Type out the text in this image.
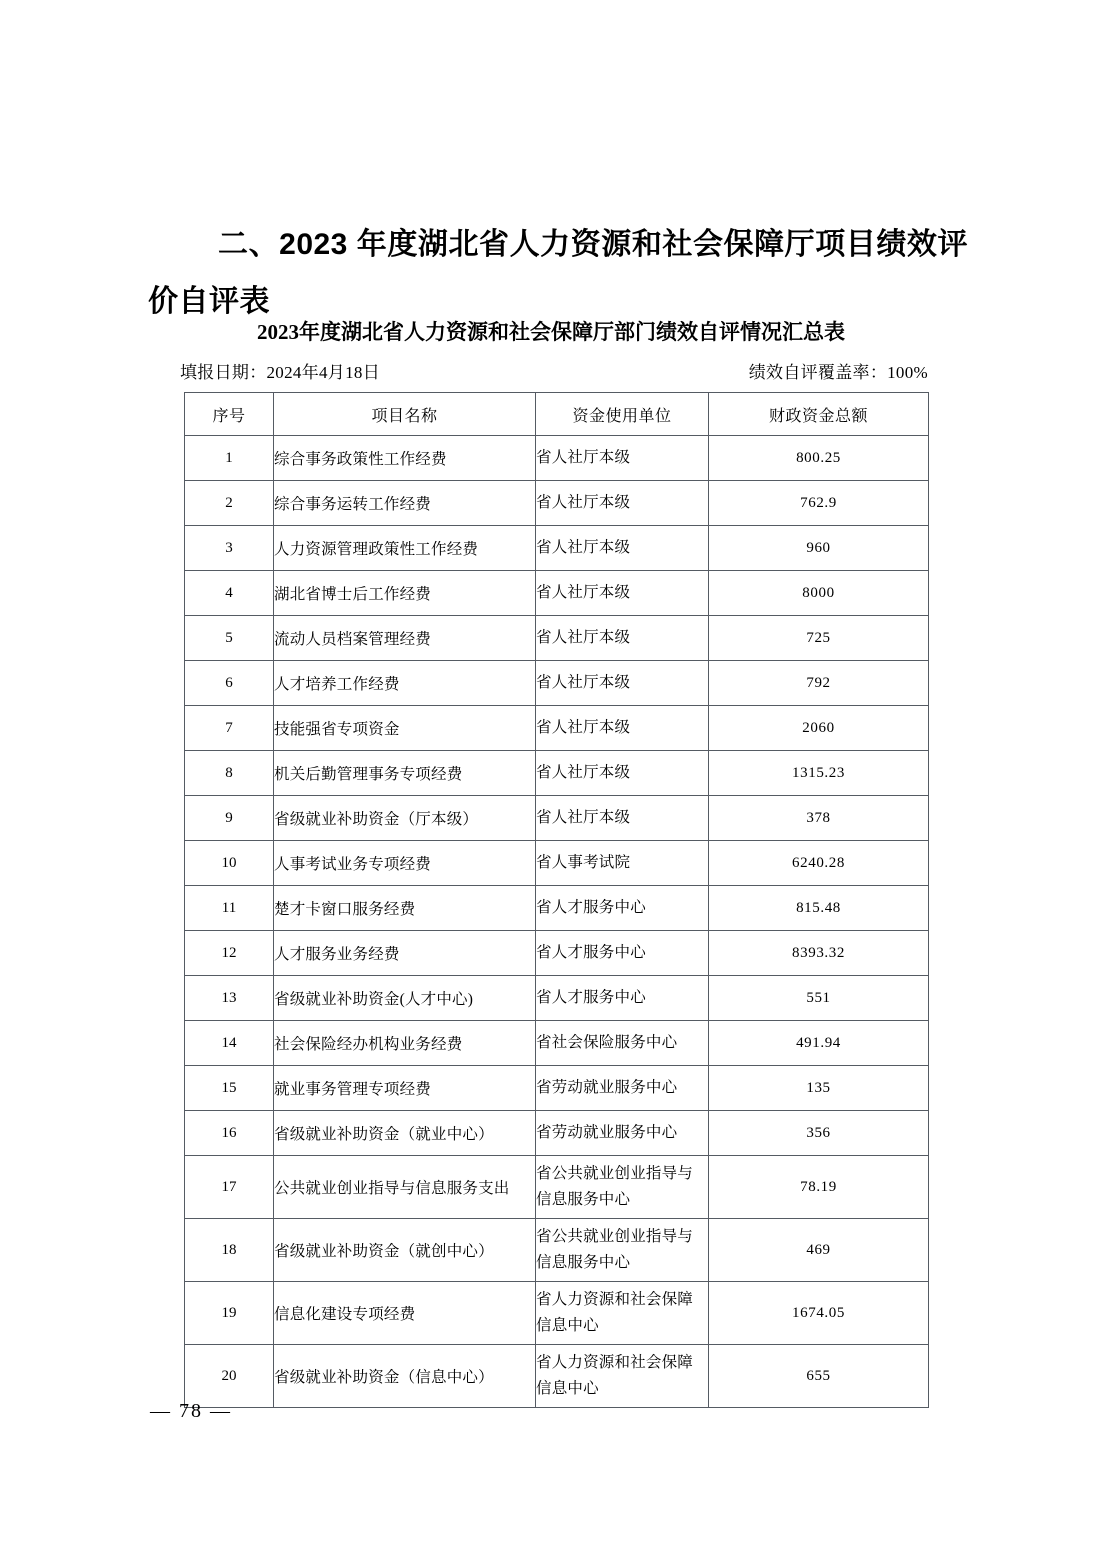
二、2023 年度湖北省人力资源和社会保障厅项目绩效评价自评表
2023年度湖北省人力资源和社会保障厅部门绩效自评情况汇总表
填报日期：2024年4月18日	绩效自评覆盖率：100%
序号	项目名称	资金使用单位	财政资金总额
1	综合事务政策性工作经费	省人社厅本级	800.25
2	综合事务运转工作经费	省人社厅本级	762.9
3	人力资源管理政策性工作经费	省人社厅本级	960
4	湖北省博士后工作经费	省人社厅本级	8000
5	流动人员档案管理经费	省人社厅本级	725
6	人才培养工作经费	省人社厅本级	792
7	技能强省专项资金	省人社厅本级	2060
8	机关后勤管理事务专项经费	省人社厅本级	1315.23
9	省级就业补助资金（厅本级）	省人社厅本级	378
10	人事考试业务专项经费	省人事考试院	6240.28
11	楚才卡窗口服务经费	省人才服务中心	815.48
12	人才服务业务经费	省人才服务中心	8393.32
13	省级就业补助资金(人才中心)	省人才服务中心	551
14	社会保险经办机构业务经费	省社会保险服务中心	491.94
15	就业事务管理专项经费	省劳动就业服务中心	135
16	省级就业补助资金（就业中心）	省劳动就业服务中心	356
17	公共就业创业指导与信息服务支出	省公共就业创业指导与
信息服务中心	78.19
18	省级就业补助资金（就创中心）	省公共就业创业指导与
信息服务中心	469
19	信息化建设专项经费	省人力资源和社会保障
信息中心	1674.05
20	省级就业补助资金（信息中心）	省人力资源和社会保障
信息中心	655
— 78 —
